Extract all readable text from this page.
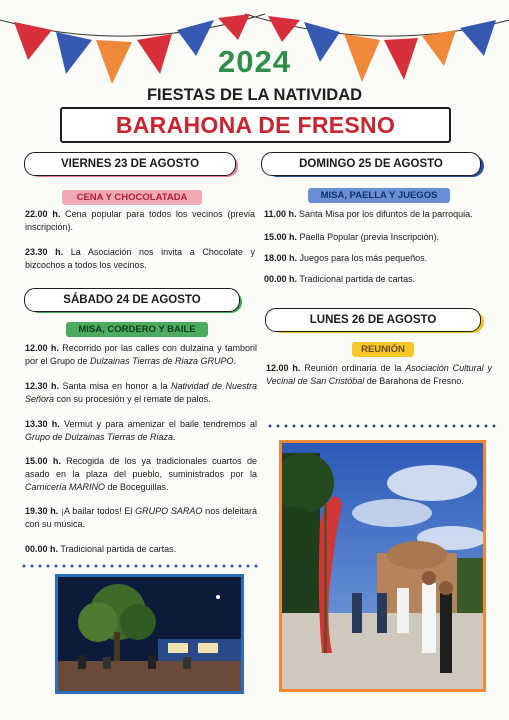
2024
FIESTAS DE LA NATIVIDAD
BARAHONA DE FRESNO
VIERNES 23 DE AGOSTO
CENA Y CHOCOLATADA
22.00 h. Cena popular para todos los vecinos (previa inscripción).
23.30 h. La Asociación nos invita a Chocolate y bizcochos a todos los vecinos.
SÁBADO 24 DE AGOSTO
MISA, CORDERO Y BAILE
12.00 h. Recorrido por las calles con dulzaina y tamboril por el Grupo de Dulzainas Tierras de Riaza GRUPO.
12.30 h. Santa misa en honor a la Natividad de Nuestra Señora con su procesión y el remate de palos.
13.30 h. Vermut y para amenizar el baile tendremos al Grupo de Dulzainas Tierras de Riaza.
15.00 h. Recogida de los ya tradicionales cuartos de asado en la plaza del pueblo, suministrados por la Carnicería MARINO de Boceguillas.
19.30 h. ¡A bailar todos! El GRUPO SARAO nos deleitará con su música.
00.00 h. Tradicional partida de cartas.
DOMINGO 25 DE AGOSTO
MISA, PAELLA Y JUEGOS
11.00 h. Santa Misa por los difuntos de la parroquia.
15.00 h. Paella Popular (previa Inscripción).
18.00 h. Juegos para los más pequeños.
00.00 h. Tradicional partida de cartas.
LUNES 26 DE AGOSTO
REUNIÓN
12.00 h. Reunión ordinaria de la Asociación Cultural y Vecinal de San Cristóbal de Barahona de Fresno.
